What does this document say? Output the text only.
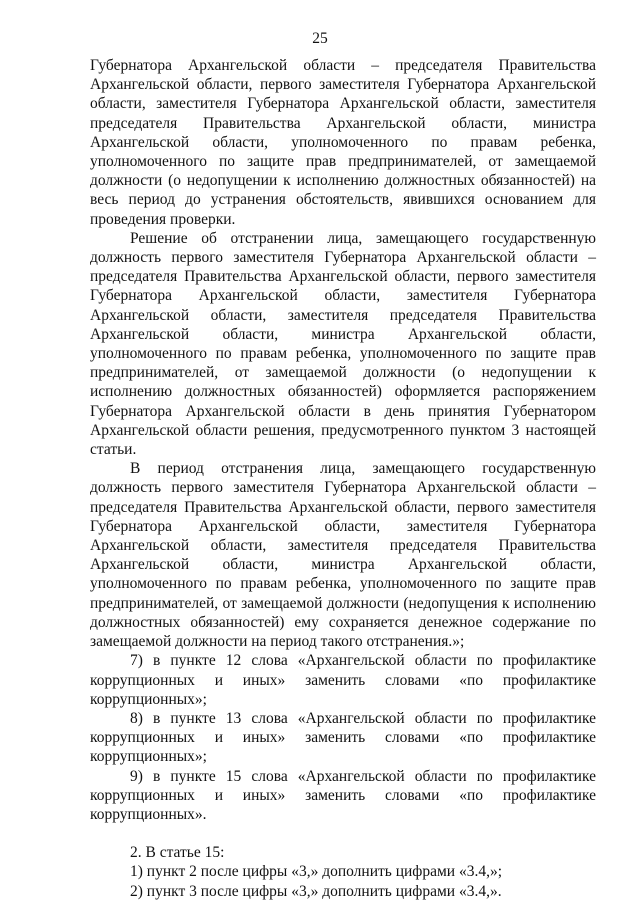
25

Губернатора Архангельской области – председателя Правительства Архангельской области, первого заместителя Губернатора Архангельской области, заместителя Губернатора Архангельской области, заместителя председателя Правительства Архангельской области, министра Архангельской области, уполномоченного по правам ребенка, уполномоченного по защите прав предпринимателей, от замещаемой должности (о недопущении к исполнению должностных обязанностей) на весь период до устранения обстоятельств, явившихся основанием для проведения проверки.

Решение об отстранении лица, замещающего государственную должность первого заместителя Губернатора Архангельской области – председателя Правительства Архангельской области, первого заместителя Губернатора Архангельской области, заместителя Губернатора Архангельской области, заместителя председателя Правительства Архангельской области, министра Архангельской области, уполномоченного по правам ребенка, уполномоченного по защите прав предпринимателей, от замещаемой должности (о недопущении к исполнению должностных обязанностей) оформляется распоряжением Губернатора Архангельской области в день принятия Губернатором Архангельской области решения, предусмотренного пунктом 3 настоящей статьи.

В период отстранения лица, замещающего государственную должность первого заместителя Губернатора Архангельской области – председателя Правительства Архангельской области, первого заместителя Губернатора Архангельской области, заместителя Губернатора Архангельской области, заместителя председателя Правительства Архангельской области, министра Архангельской области, уполномоченного по правам ребенка, уполномоченного по защите прав предпринимателей, от замещаемой должности (недопущения к исполнению должностных обязанностей) ему сохраняется денежное содержание по замещаемой должности на период такого отстранения.»;

7) в пункте 12 слова «Архангельской области по профилактике коррупционных и иных» заменить словами «по профилактике коррупционных»;

8) в пункте 13 слова «Архангельской области по профилактике коррупционных и иных» заменить словами «по профилактике коррупционных»;

9) в пункте 15 слова «Архангельской области по профилактике коррупционных и иных» заменить словами «по профилактике коррупционных».

2. В статье 15:

1) пункт 2 после цифры «3,» дополнить цифрами «3.4,»;

2) пункт 3 после цифры «3,» дополнить цифрами «3.4,».
